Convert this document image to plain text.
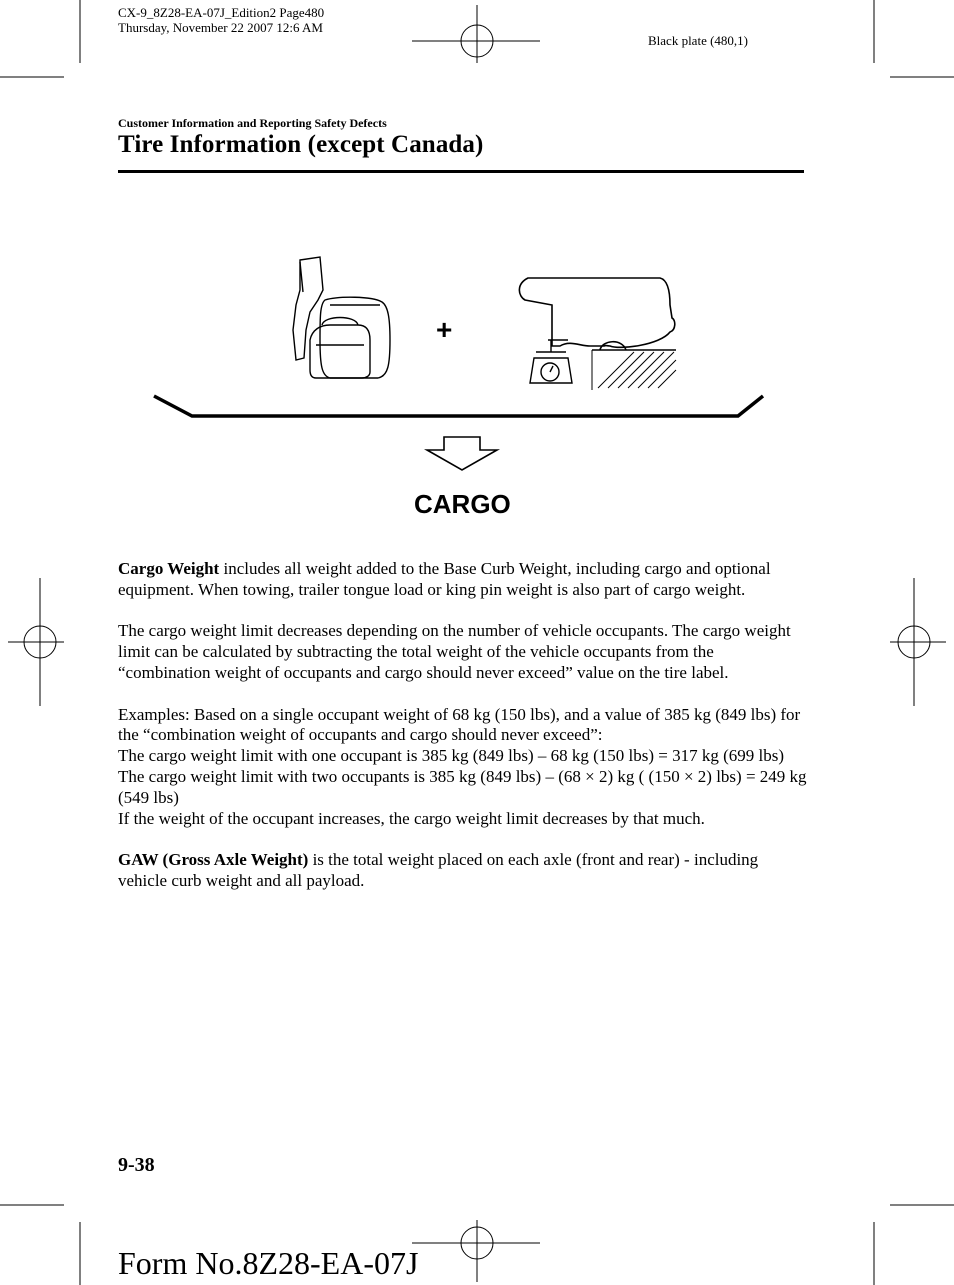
CX-9_8Z28-EA-07J_Edition2 Page480
Thursday, November 22 2007 12:6 AM
Black plate (480,1)
Customer Information and Reporting Safety Defects
Tire Information (except Canada)
+
CARGO

Cargo Weight includes all weight added to the Base Curb Weight, including cargo and optional equipment. When towing, trailer tongue load or king pin weight is also part of cargo weight.

The cargo weight limit decreases depending on the number of vehicle occupants. The cargo weight limit can be calculated by subtracting the total weight of the vehicle occupants from the “combination weight of occupants and cargo should never exceed” value on the tire label.

Examples: Based on a single occupant weight of 68 kg (150 lbs), and a value of 385 kg (849 lbs) for the “combination weight of occupants and cargo should never exceed”:

The cargo weight limit with one occupant is 385 kg (849 lbs) – 68 kg (150 lbs) = 317 kg (699 lbs)

The cargo weight limit with two occupants is 385 kg (849 lbs) – (68 × 2) kg ( (150 × 2) lbs) = 249 kg (549 lbs)

If the weight of the occupant increases, the cargo weight limit decreases by that much.

GAW (Gross Axle Weight) is the total weight placed on each axle (front and rear) - including vehicle curb weight and all payload.

9-38
Form No.8Z28-EA-07J
